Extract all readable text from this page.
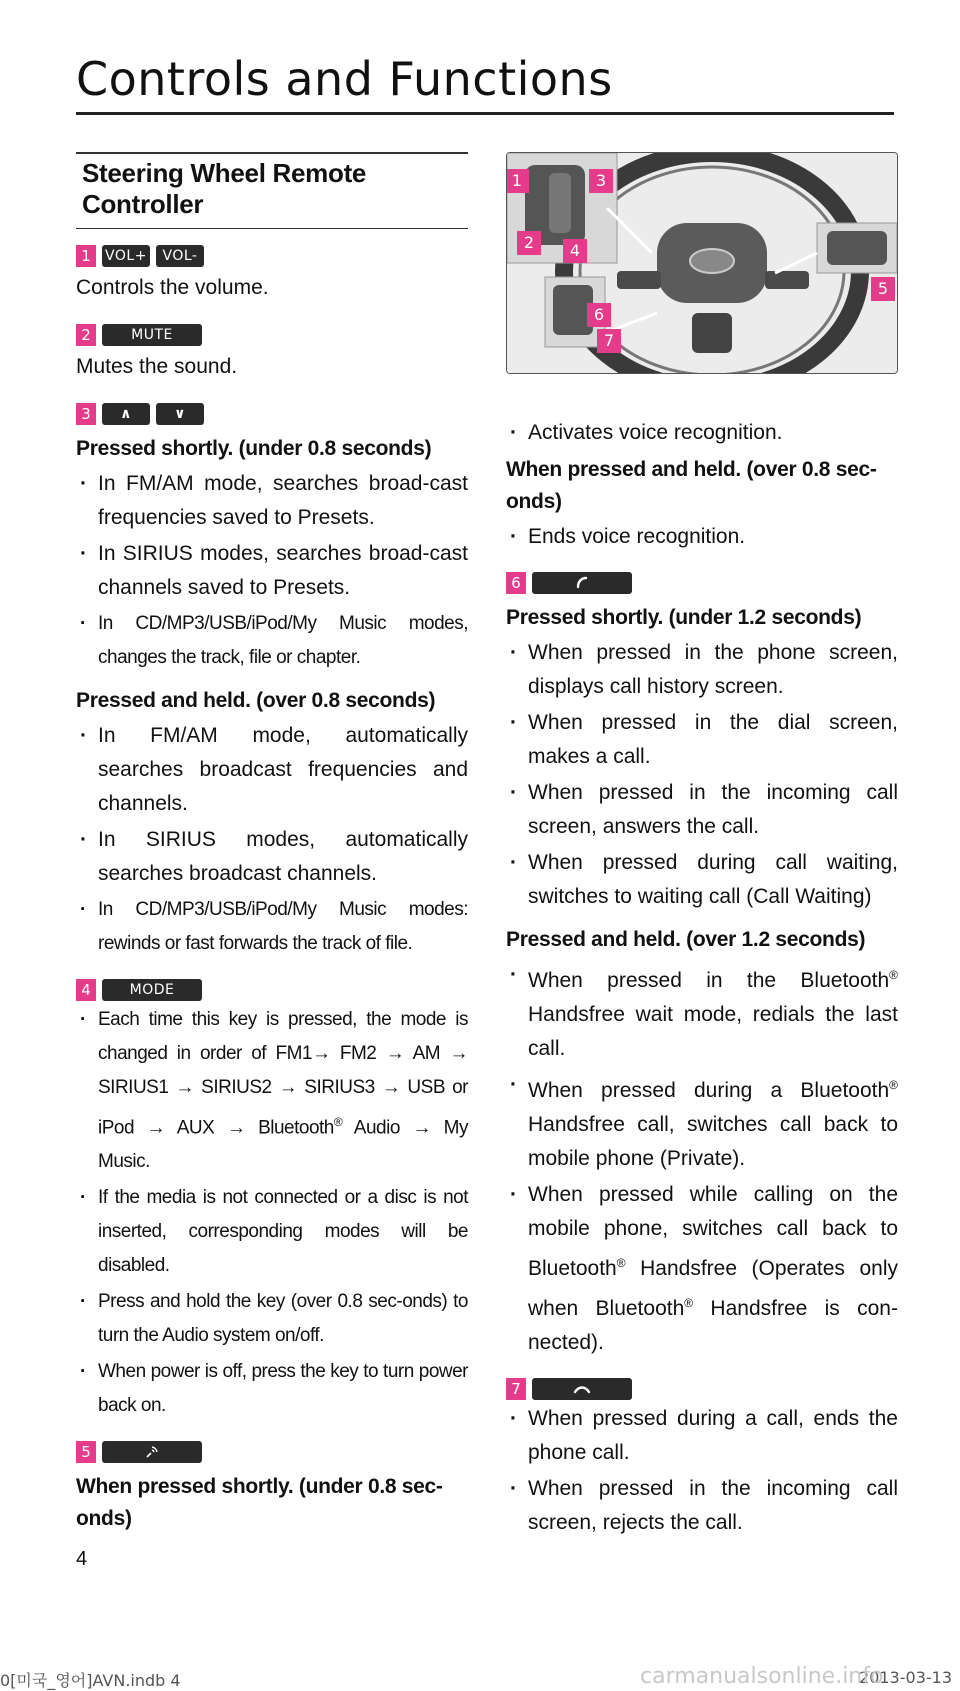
Controls and Functions
Steering Wheel Remote Controller
1	VOL+	VOL-

Controls the volume.

2	MUTE

Mutes the sound.

3	∧	∨

Pressed shortly. (under 0.8 seconds)

· In FM/AM mode, searches broad-cast frequencies saved to Presets.

· In SIRIUS modes, searches broad-cast channels saved to Presets.

· In CD/MP3/USB/iPod/My Music modes, changes the track, file or chapter.

Pressed and held. (over 0.8 seconds)

· In FM/AM mode, automatically searches broadcast frequencies and channels.

· In SIRIUS modes, automatically searches broadcast channels.

· In CD/MP3/USB/iPod/My Music modes: rewinds or fast forwards the track of file.

4	MODE

· Each time this key is pressed, the mode is changed in order of FM1→ FM2 → AM → SIRIUS1 → SIRIUS2 → SIRIUS3 → USB or iPod → AUX → Bluetooth® Audio → My Music.

· If the media is not connected or a disc is not inserted, corresponding modes will be disabled.

· Press and hold the key (over 0.8 sec-onds) to turn the Audio system on/off.

· When power is off, press the key to turn power back on.

5

When pressed shortly. (under 0.8 sec-onds)

1	3
2	4
5
6
7

· Activates voice recognition.

When pressed and held. (over 0.8 sec-onds)

· Ends voice recognition.

6

Pressed shortly. (under 1.2 seconds)

· When pressed in the phone screen, displays call history screen.

· When pressed in the dial screen, makes a call.

· When pressed in the incoming call screen, answers the call.

· When pressed during call waiting, switches to waiting call (Call Waiting)

Pressed and held. (over 1.2 seconds)

· When pressed in the Bluetooth® Handsfree wait mode, redials the last call.

· When pressed during a Bluetooth® Handsfree call, switches call back to mobile phone (Private).

· When pressed while calling on the mobile phone, switches call back to Bluetooth® Handsfree (Operates only when Bluetooth® Handsfree is con-nected).

7

· When pressed during a call, ends the phone call.

· When pressed in the incoming call screen, rejects the call.

4
0[미국_영어]AVN.indb 4	2013-03-13
carmanualsonline.info
